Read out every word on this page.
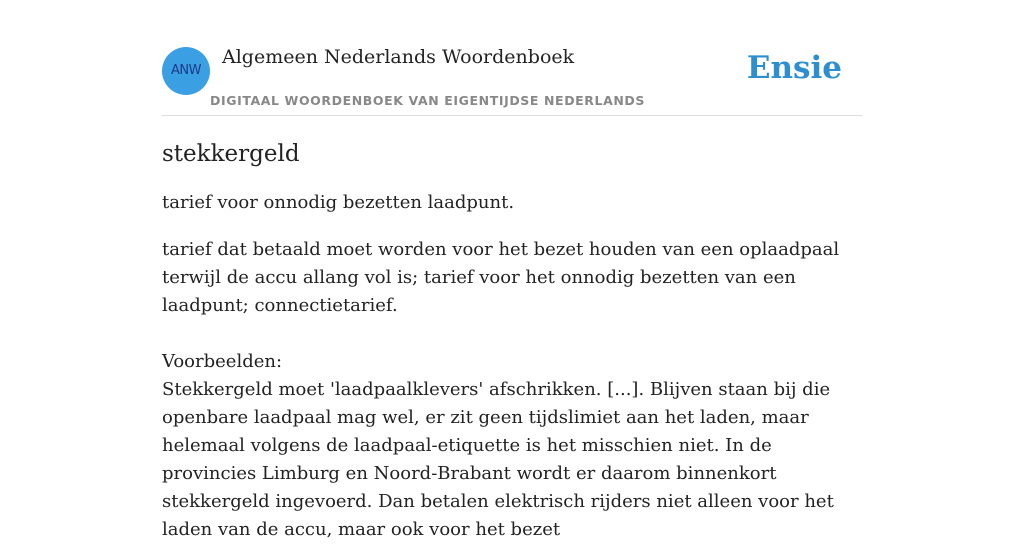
ANW
Algemeen Nederlands Woordenboek
DIGITAAL WOORDENBOEK VAN EIGENTIJDSE NEDERLANDS
Ensie
stekkergeld

tarief voor onnodig bezetten laadpunt.

tarief dat betaald moet worden voor het bezet houden van een oplaadpaal terwijl de accu allang vol is; tarief voor het onnodig bezetten van een laadpunt; connectietarief.

Voorbeelden:

Stekkergeld moet 'laadpaalklevers' afschrikken. [...]. Blijven staan bij die openbare laadpaal mag wel, er zit geen tijdslimiet aan het laden, maar helemaal volgens de laadpaal-etiquette is het misschien niet. In de provincies Limburg en Noord-Brabant wordt er daarom binnenkort stekkergeld ingevoerd. Dan betalen elektrisch rijders niet alleen voor het laden van de accu, maar ook voor het bezet
